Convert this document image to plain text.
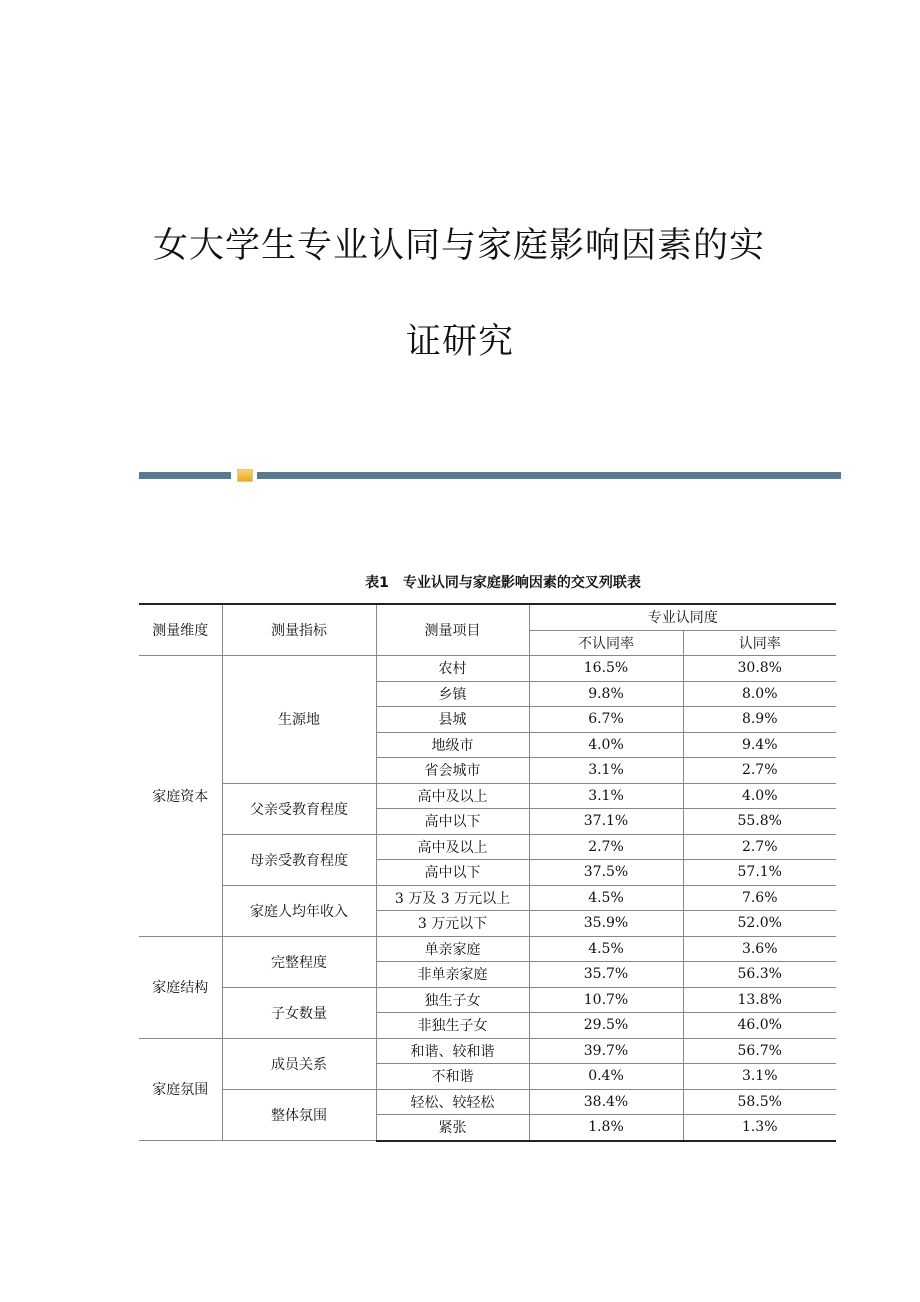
女大学生专业认同与家庭影响因素的实
证研究
表1　专业认同与家庭影响因素的交叉列联表
测量维度	测量指标	测量项目	专业认同度	
			不认同率	认同率
家庭资本	生源地	农村	16.5%	30.8%
		乡镇	9.8%	8.0%
		县城	6.7%	8.9%
		地级市	4.0%	9.4%
		省会城市	3.1%	2.7%
	父亲受教育程度	高中及以上	3.1%	4.0%
		高中以下	37.1%	55.8%
	母亲受教育程度	高中及以上	2.7%	2.7%
		高中以下	37.5%	57.1%
	家庭人均年收入	3 万及 3 万元以上	4.5%	7.6%
		3 万元以下	35.9%	52.0%
家庭结构	完整程度	单亲家庭	4.5%	3.6%
		非单亲家庭	35.7%	56.3%
	子女数量	独生子女	10.7%	13.8%
		非独生子女	29.5%	46.0%
家庭氛围	成员关系	和谐、较和谐	39.7%	56.7%
		不和谐	0.4%	3.1%
	整体氛围	轻松、较轻松	38.4%	58.5%
		紧张	1.8%	1.3%
